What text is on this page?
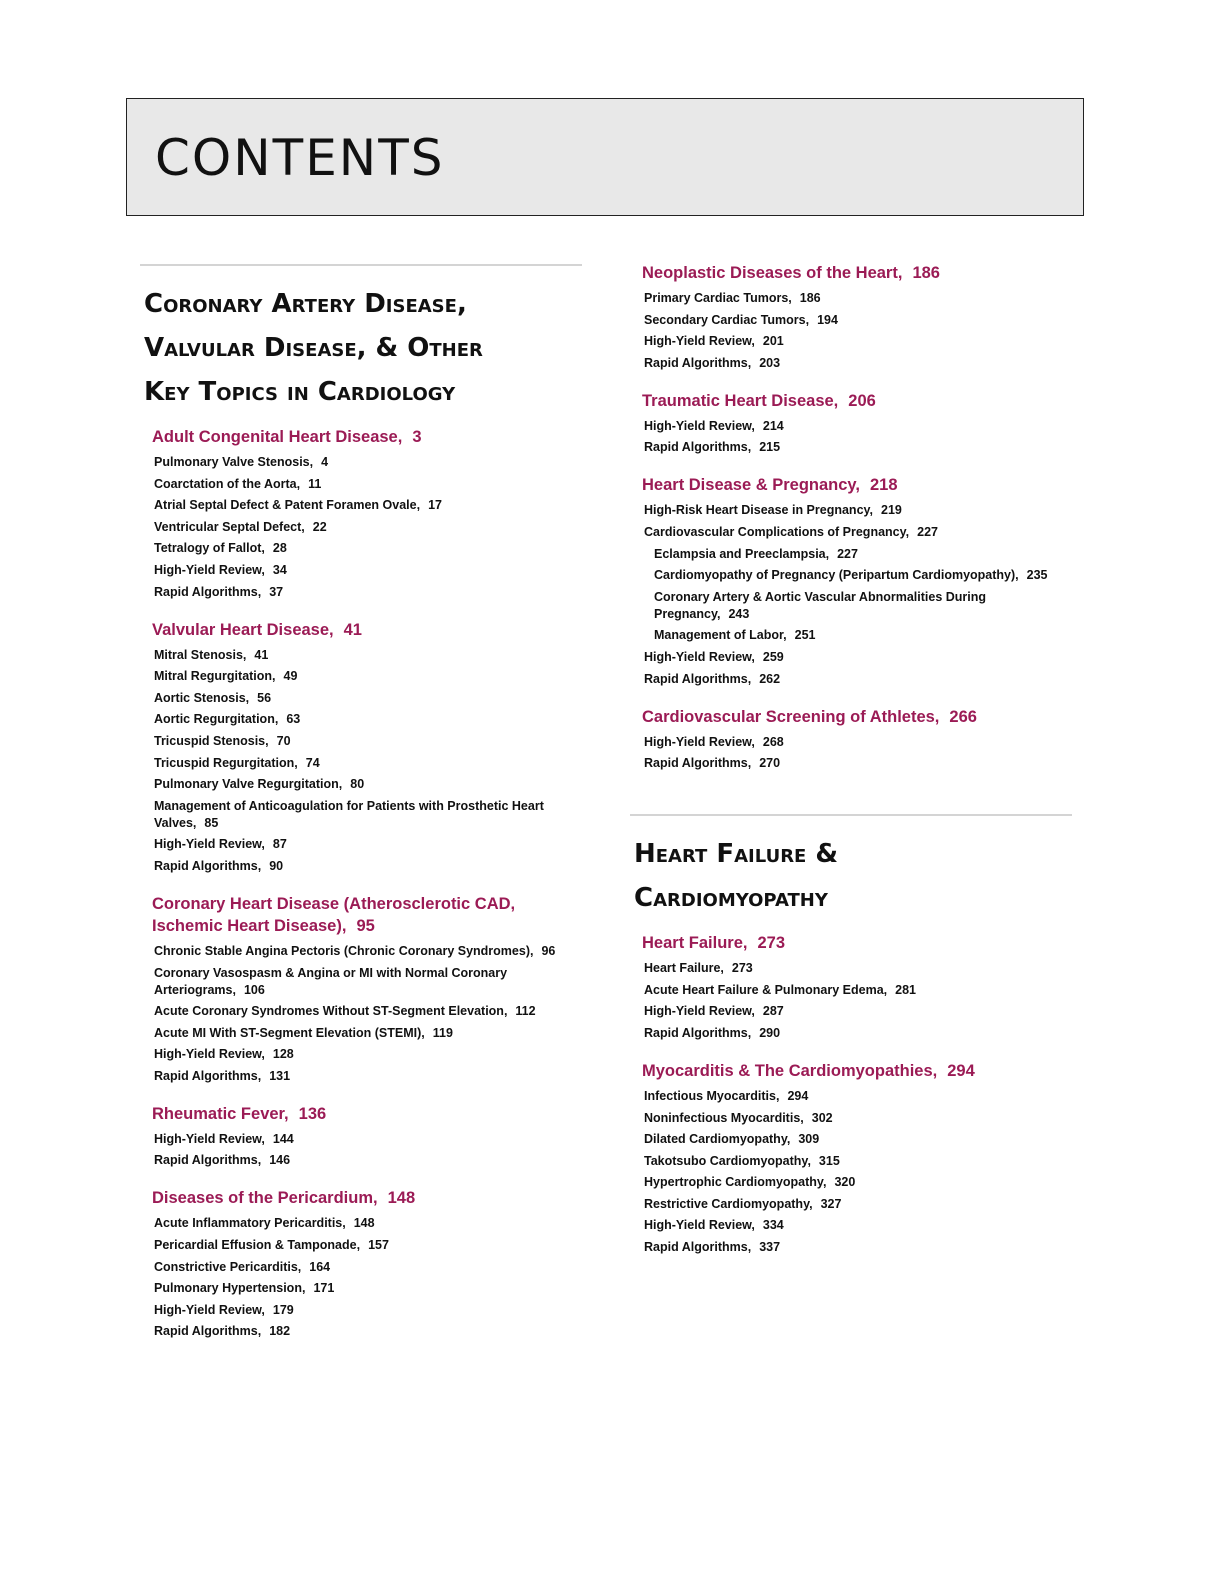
CONTENTS
Coronary Artery Disease,
Valvular Disease, & Other
Key Topics in Cardiology
Adult Congenital Heart Disease, 3
Pulmonary Valve Stenosis, 4
Coarctation of the Aorta, 11
Atrial Septal Defect & Patent Foramen Ovale, 17
Ventricular Septal Defect, 22
Tetralogy of Fallot, 28
High-Yield Review, 34
Rapid Algorithms, 37
Valvular Heart Disease, 41
Mitral Stenosis, 41
Mitral Regurgitation, 49
Aortic Stenosis, 56
Aortic Regurgitation, 63
Tricuspid Stenosis, 70
Tricuspid Regurgitation, 74
Pulmonary Valve Regurgitation, 80
Management of Anticoagulation for Patients with Prosthetic Heart Valves, 85
High-Yield Review, 87
Rapid Algorithms, 90
Coronary Heart Disease (Atherosclerotic CAD, Ischemic Heart Disease), 95
Chronic Stable Angina Pectoris (Chronic Coronary Syndromes), 96
Coronary Vasospasm & Angina or MI with Normal Coronary Arteriograms, 106
Acute Coronary Syndromes Without ST-Segment Elevation, 112
Acute MI With ST-Segment Elevation (STEMI), 119
High-Yield Review, 128
Rapid Algorithms, 131
Rheumatic Fever, 136
High-Yield Review, 144
Rapid Algorithms, 146
Diseases of the Pericardium, 148
Acute Inflammatory Pericarditis, 148
Pericardial Effusion & Tamponade, 157
Constrictive Pericarditis, 164
Pulmonary Hypertension, 171
High-Yield Review, 179
Rapid Algorithms, 182
Neoplastic Diseases of the Heart, 186
Primary Cardiac Tumors, 186
Secondary Cardiac Tumors, 194
High-Yield Review, 201
Rapid Algorithms, 203
Traumatic Heart Disease, 206
High-Yield Review, 214
Rapid Algorithms, 215
Heart Disease & Pregnancy, 218
High-Risk Heart Disease in Pregnancy, 219
Cardiovascular Complications of Pregnancy, 227
Eclampsia and Preeclampsia, 227
Cardiomyopathy of Pregnancy (Peripartum Cardiomyopathy), 235
Coronary Artery & Aortic Vascular Abnormalities During Pregnancy, 243
Management of Labor, 251
High-Yield Review, 259
Rapid Algorithms, 262
Cardiovascular Screening of Athletes, 266
High-Yield Review, 268
Rapid Algorithms, 270
Heart Failure &
Cardiomyopathy
Heart Failure, 273
Heart Failure, 273
Acute Heart Failure & Pulmonary Edema, 281
High-Yield Review, 287
Rapid Algorithms, 290
Myocarditis & The Cardiomyopathies, 294
Infectious Myocarditis, 294
Noninfectious Myocarditis, 302
Dilated Cardiomyopathy, 309
Takotsubo Cardiomyopathy, 315
Hypertrophic Cardiomyopathy, 320
Restrictive Cardiomyopathy, 327
High-Yield Review, 334
Rapid Algorithms, 337
